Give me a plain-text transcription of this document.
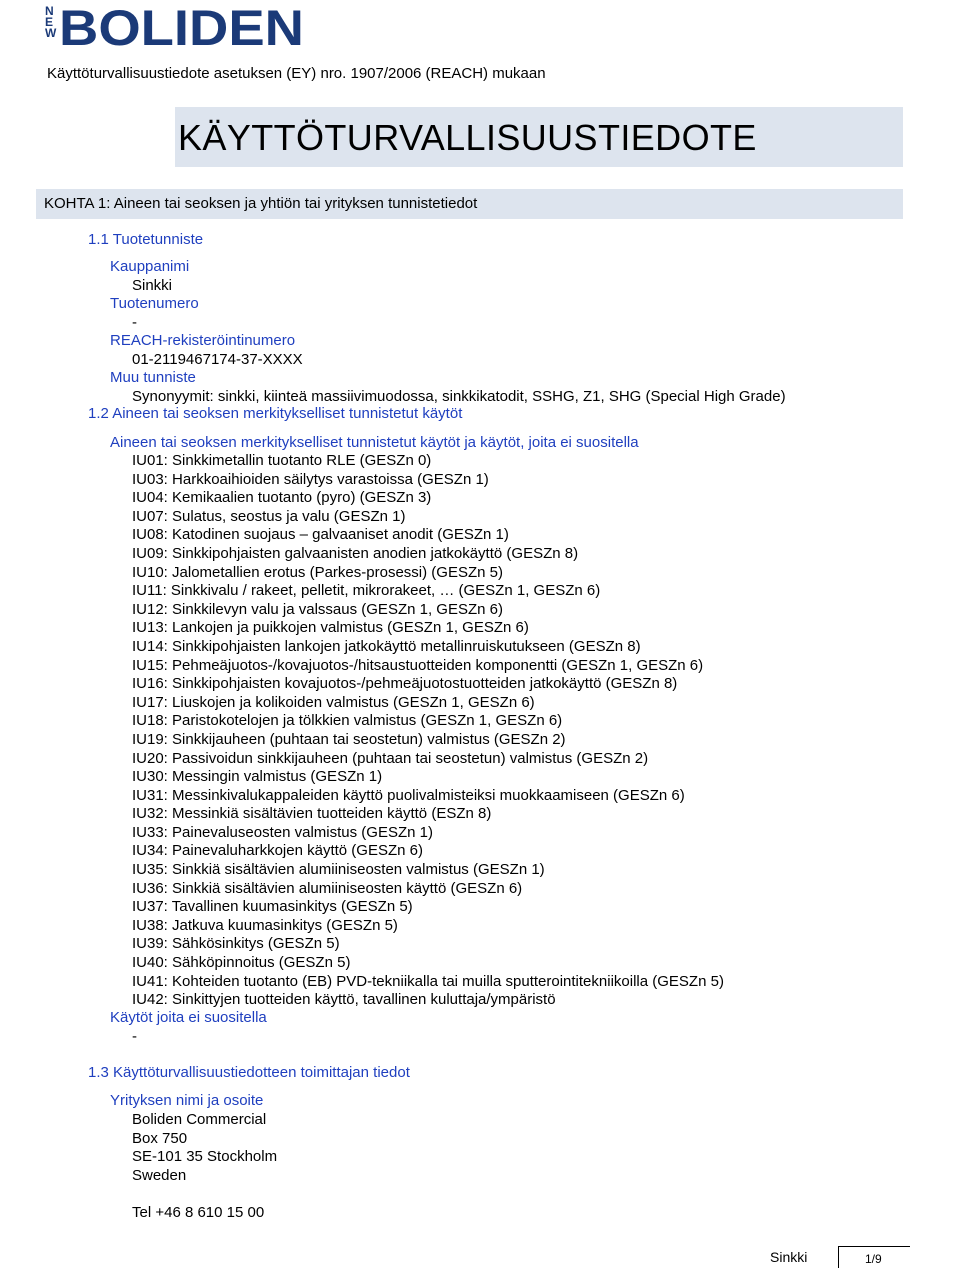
N
E
W BOLIDEN
Käyttöturvallisuustiedote asetuksen (EY) nro. 1907/2006 (REACH) mukaan
KÄYTTÖTURVALLISUUSTIEDOTE
KOHTA 1: Aineen tai seoksen ja yhtiön tai yrityksen tunnistetiedot
1.1 Tuotetunniste
Kauppanimi
Sinkki
Tuotenumero
-
REACH-rekisteröintinumero
01-2119467174-37-XXXX
Muu tunniste
Synonyymit: sinkki, kiinteä massiivimuodossa, sinkkikatodit, SSHG, Z1, SHG (Special High Grade)
1.2 Aineen tai seoksen merkitykselliset tunnistetut käytöt
Aineen tai seoksen merkitykselliset tunnistetut käytöt ja käytöt, joita ei suositella
IU01: Sinkkimetallin tuotanto RLE (GESZn 0)
IU03: Harkkoaihioiden säilytys varastoissa (GESZn 1)
IU04: Kemikaalien tuotanto (pyro) (GESZn 3)
IU07: Sulatus, seostus ja valu (GESZn 1)
IU08: Katodinen suojaus – galvaaniset anodit (GESZn 1)
IU09: Sinkkipohjaisten galvaanisten anodien jatkokäyttö (GESZn 8)
IU10: Jalometallien erotus (Parkes-prosessi) (GESZn 5)
IU11: Sinkkivalu / rakeet, pelletit, mikrorakeet, … (GESZn 1, GESZn 6)
IU12: Sinkkilevyn valu ja valssaus (GESZn 1, GESZn 6)
IU13: Lankojen ja puikkojen valmistus (GESZn 1, GESZn 6)
IU14: Sinkkipohjaisten lankojen jatkokäyttö metallinruiskutukseen (GESZn 8)
IU15: Pehmeäjuotos-/kovajuotos-/hitsaustuotteiden komponentti (GESZn 1, GESZn 6)
IU16: Sinkkipohjaisten kovajuotos-/pehmeäjuotostuotteiden jatkokäyttö (GESZn 8)
IU17: Liuskojen ja kolikoiden valmistus (GESZn 1, GESZn 6)
IU18: Paristokotelojen ja tölkkien valmistus (GESZn 1, GESZn 6)
IU19: Sinkkijauheen (puhtaan tai seostetun) valmistus (GESZn 2)
IU20: Passivoidun sinkkijauheen (puhtaan tai seostetun) valmistus (GESZn 2)
IU30: Messingin valmistus (GESZn 1)
IU31: Messinkivalukappaleiden käyttö puolivalmisteiksi muokkaamiseen (GESZn 6)
IU32: Messinkiä sisältävien tuotteiden käyttö (ESZn 8)
IU33: Painevaluseosten valmistus (GESZn 1)
IU34: Painevaluharkkojen käyttö (GESZn 6)
IU35: Sinkkiä sisältävien alumiiniseosten valmistus (GESZn 1)
IU36: Sinkkiä sisältävien alumiiniseosten käyttö (GESZn 6)
IU37: Tavallinen kuumasinkitys (GESZn 5)
IU38: Jatkuva kuumasinkitys (GESZn 5)
IU39: Sähkösinkitys (GESZn 5)
IU40: Sähköpinnoitus (GESZn 5)
IU41: Kohteiden tuotanto (EB) PVD-tekniikalla tai muilla sputterointitekniikoilla (GESZn 5)
IU42: Sinkittyjen tuotteiden käyttö, tavallinen kuluttaja/ympäristö
Käytöt joita ei suositella
-
1.3 Käyttöturvallisuustiedotteen toimittajan tiedot
Yrityksen nimi ja osoite
Boliden Commercial
Box 750
SE-101 35 Stockholm
Sweden
Tel +46 8 610 15 00
Sinkki	1/9
